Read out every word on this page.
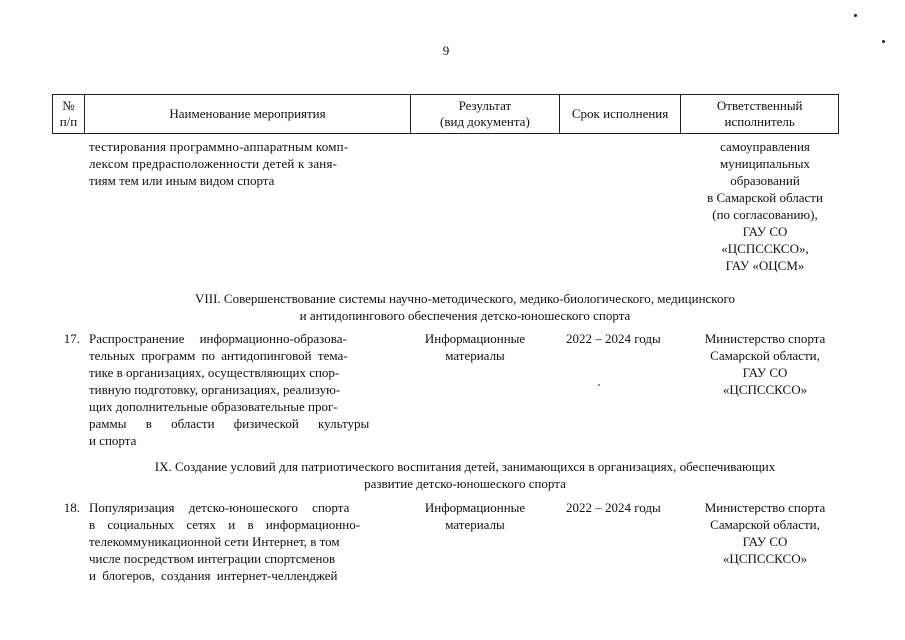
9
№
п/п
Наименование мероприятия
Результат
(вид документа)
Срок исполнения
Ответственный
исполнитель
тестирования программно-аппаратным комп-
лексом предрасположенности детей к заня-
тиям тем или иным видом спорта
самоуправления
муниципальных
образований
в Самарской области
(по согласованию),
ГАУ СО
«ЦСПССКСО»,
ГАУ «ОЦСМ»
VIII. Совершенствование системы научно-методического, медико-биологического, медицинского
и антидопингового обеспечения детско-юношеского спорта
17. Распространение информационно-образова-
тельных программ по антидопинговой тема-
тике в организациях, осуществляющих спор-
тивную подготовку, организациях, реализую-
щих дополнительные образовательные прог-
раммы в области физической культуры
и спорта
Информационные
материалы
2022 – 2024 годы	Министерство спорта
Самарской области,
ГАУ СО
«ЦСПССКСО»
IX. Создание условий для патриотического воспитания детей, занимающихся в организациях, обеспечивающих
развитие детско-юношеского спорта
18. Популяризация детско-юношеского спорта
в социальных сетях и в информационно-
телекоммуникационной сети Интернет, в том
числе посредством интеграции спортсменов
и блогеров, создания интернет-челленджей
Информационные
материалы
2022 – 2024 годы	Министерство спорта
Самарской области,
ГАУ СО
«ЦСПССКСО»
